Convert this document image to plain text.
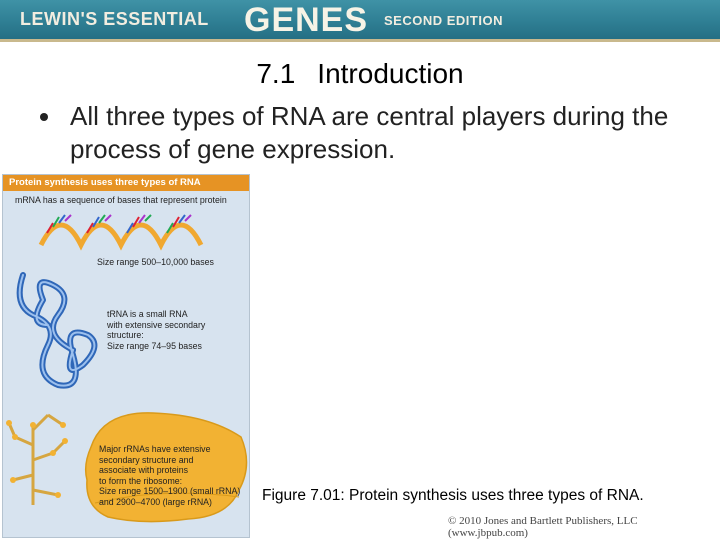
LEWIN'S ESSENTIAL GENES SECOND EDITION
7.1 Introduction
All three types of RNA are central players during the process of gene expression.
Protein synthesis uses three types of RNA
mRNA has a sequence of bases that represent protein
Size range 500–10,000 bases
tRNA is a small RNA
with extensive secondary
structure:
Size range 74–95 bases
Major rRNAs have extensive
secondary structure and
associate with proteins
to form the ribosome:
Size range 1500–1900 (small rRNA)
and 2900–4700 (large rRNA)	Figure 7.01: Protein synthesis uses three types of RNA.
© 2010 Jones and Bartlett Publishers, LLC (www.jbpub.com)
